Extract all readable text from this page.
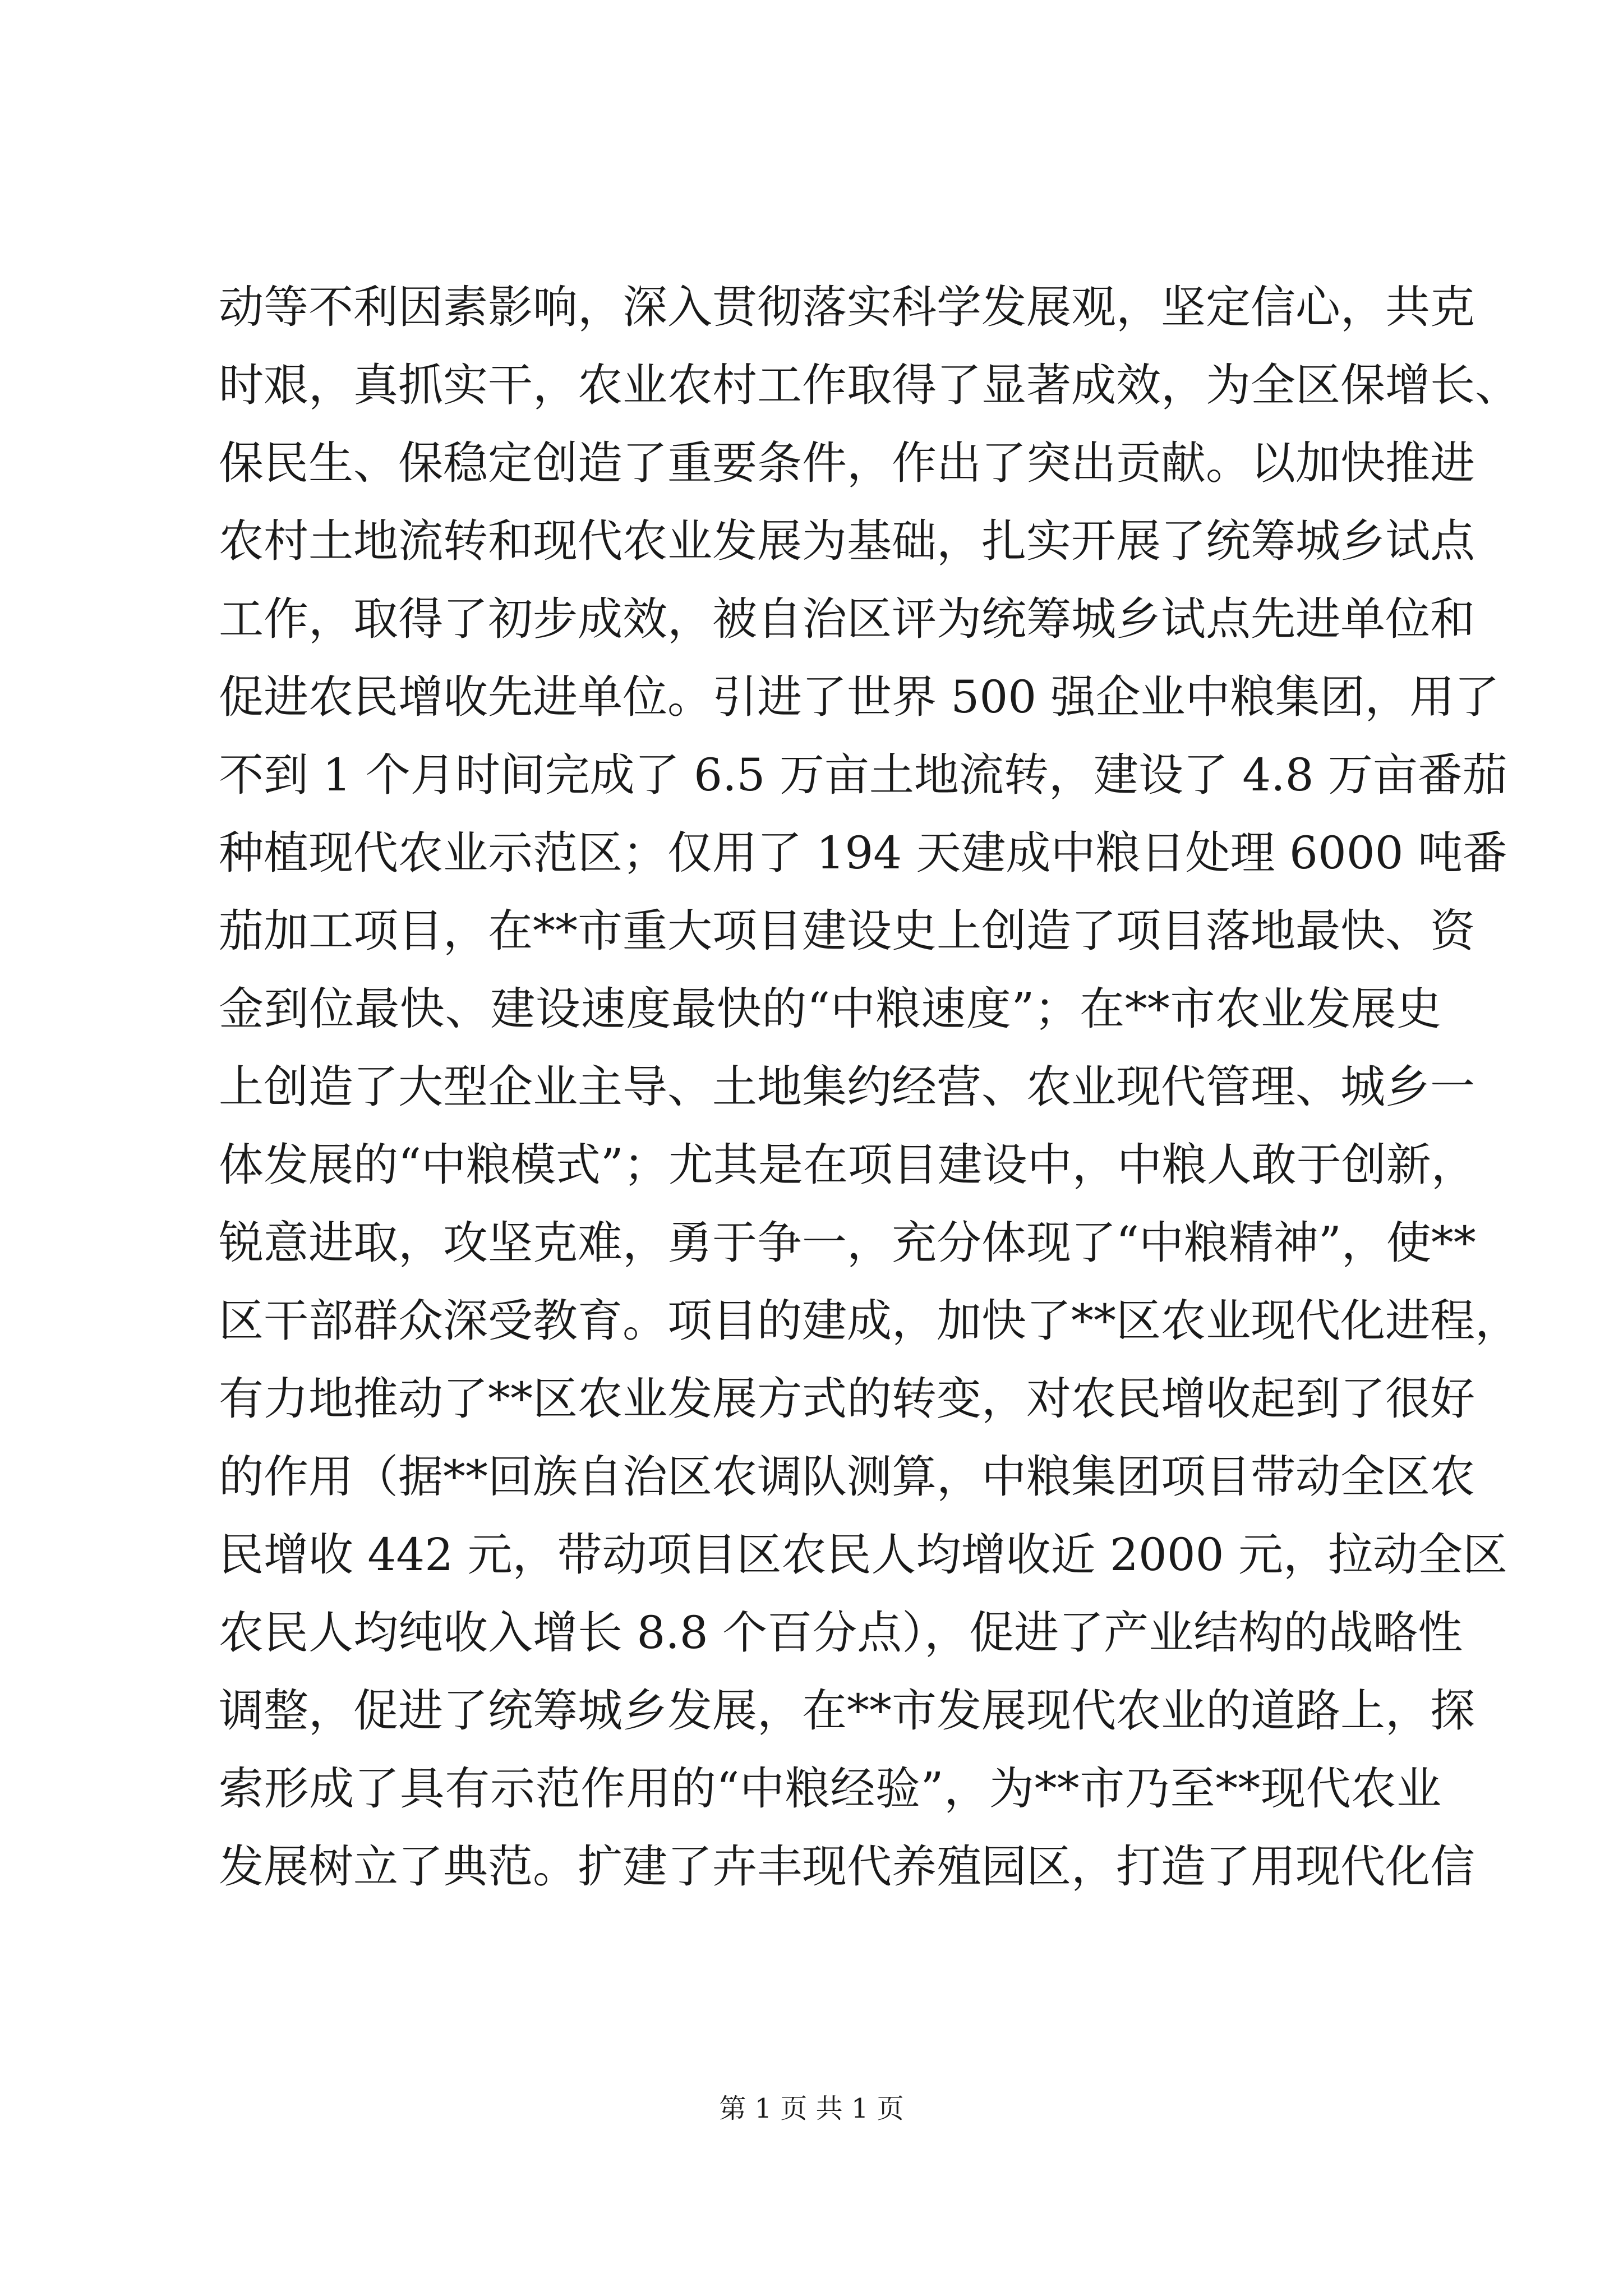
动等不利因素影响，深入贯彻落实科学发展观，坚定信心，共克
时艰，真抓实干，农业农村工作取得了显著成效，为全区保增长、
保民生、保稳定创造了重要条件，作出了突出贡献。以加快推进
农村土地流转和现代农业发展为基础，扎实开展了统筹城乡试点
工作，取得了初步成效，被自治区评为统筹城乡试点先进单位和
促进农民增收先进单位。引进了世界 500 强企业中粮集团，用了
不到 1 个月时间完成了 6.5 万亩土地流转，建设了 4.8 万亩番茄
种植现代农业示范区；仅用了 194 天建成中粮日处理 6000 吨番
茄加工项目，在**市重大项目建设史上创造了项目落地最快、资
金到位最快、建设速度最快的“中粮速度”；在**市农业发展史
上创造了大型企业主导、土地集约经营、农业现代管理、城乡一
体发展的“中粮模式”；尤其是在项目建设中，中粮人敢于创新，
锐意进取，攻坚克难，勇于争一，充分体现了“中粮精神”，使**
区干部群众深受教育。项目的建成，加快了**区农业现代化进程，
有力地推动了**区农业发展方式的转变，对农民增收起到了很好
的作用（据**回族自治区农调队测算，中粮集团项目带动全区农
民增收 442 元，带动项目区农民人均增收近 2000 元，拉动全区
农民人均纯收入增长 8.8 个百分点），促进了产业结构的战略性
调整，促进了统筹城乡发展，在**市发展现代农业的道路上，探
索形成了具有示范作用的“中粮经验”，为**市乃至**现代农业
发展树立了典范。扩建了卉丰现代养殖园区，打造了用现代化信
第 1 页 共 1 页
